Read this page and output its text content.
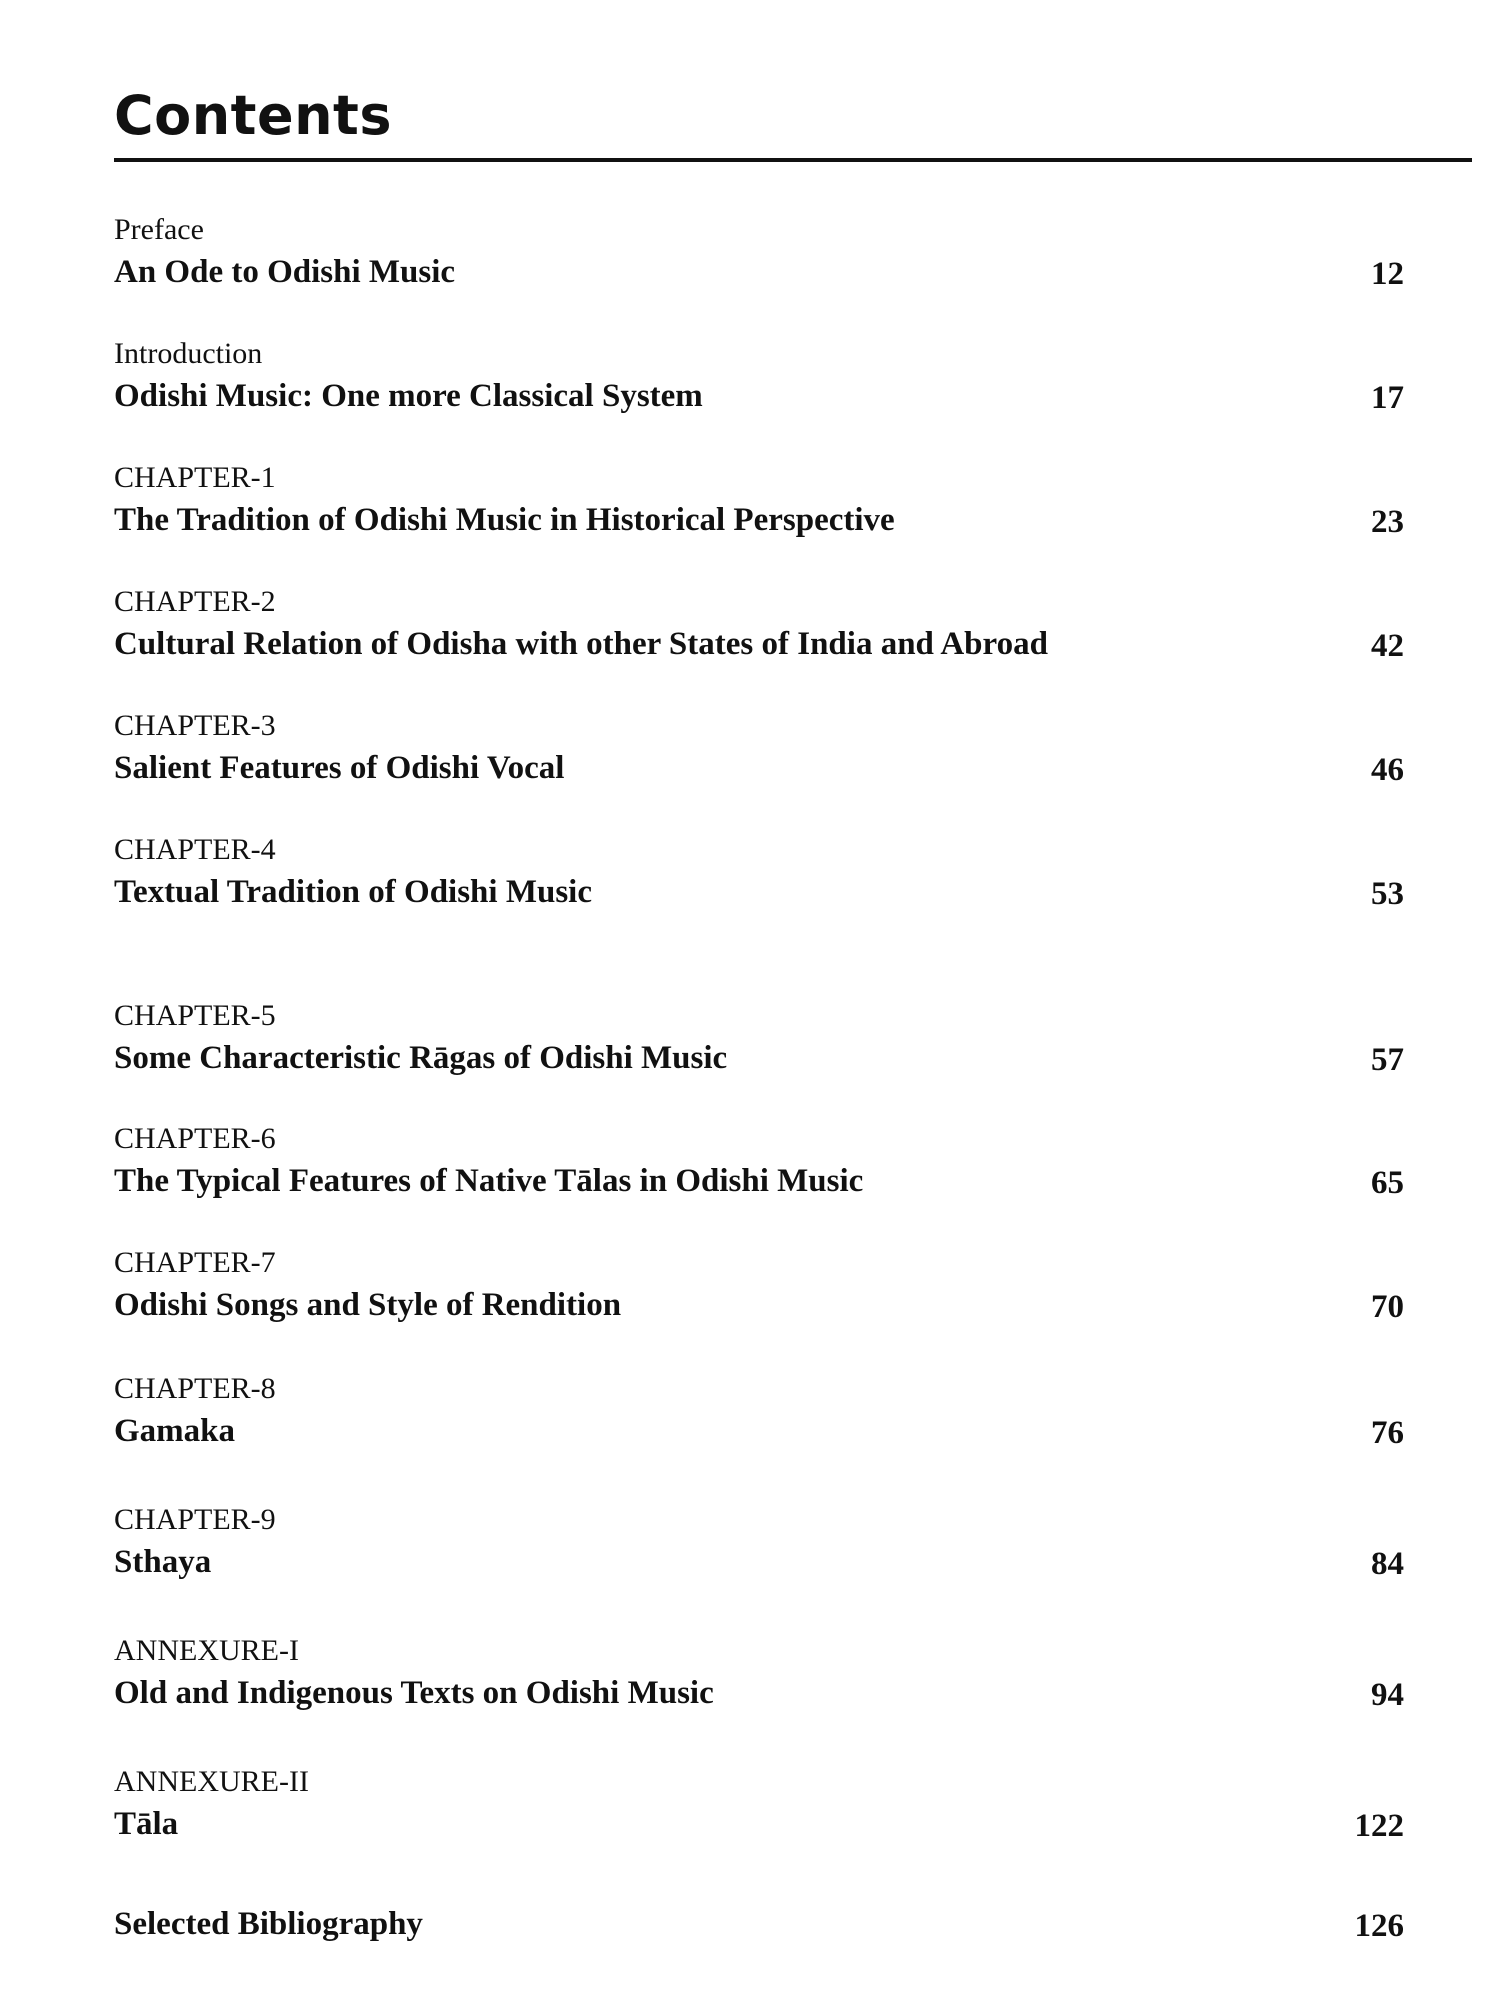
Contents
Preface
An Ode to Odishi Music	12
Introduction
Odishi Music: One more Classical System	17
CHAPTER-1
The Tradition of Odishi Music in Historical Perspective	23
CHAPTER-2
Cultural Relation of Odisha with other States of India and Abroad	42
CHAPTER-3
Salient Features of Odishi Vocal	46
CHAPTER-4
Textual Tradition of Odishi Music	53
CHAPTER-5
Some Characteristic Rāgas of Odishi Music	57
CHAPTER-6
The Typical Features of Native Tālas in Odishi Music	65
CHAPTER-7
Odishi Songs and Style of Rendition	70
CHAPTER-8
Gamaka	76
CHAPTER-9
Sthaya	84
ANNEXURE-I
Old and Indigenous Texts on Odishi Music	94
ANNEXURE-II
Tāla	122
Selected Bibliography	126
